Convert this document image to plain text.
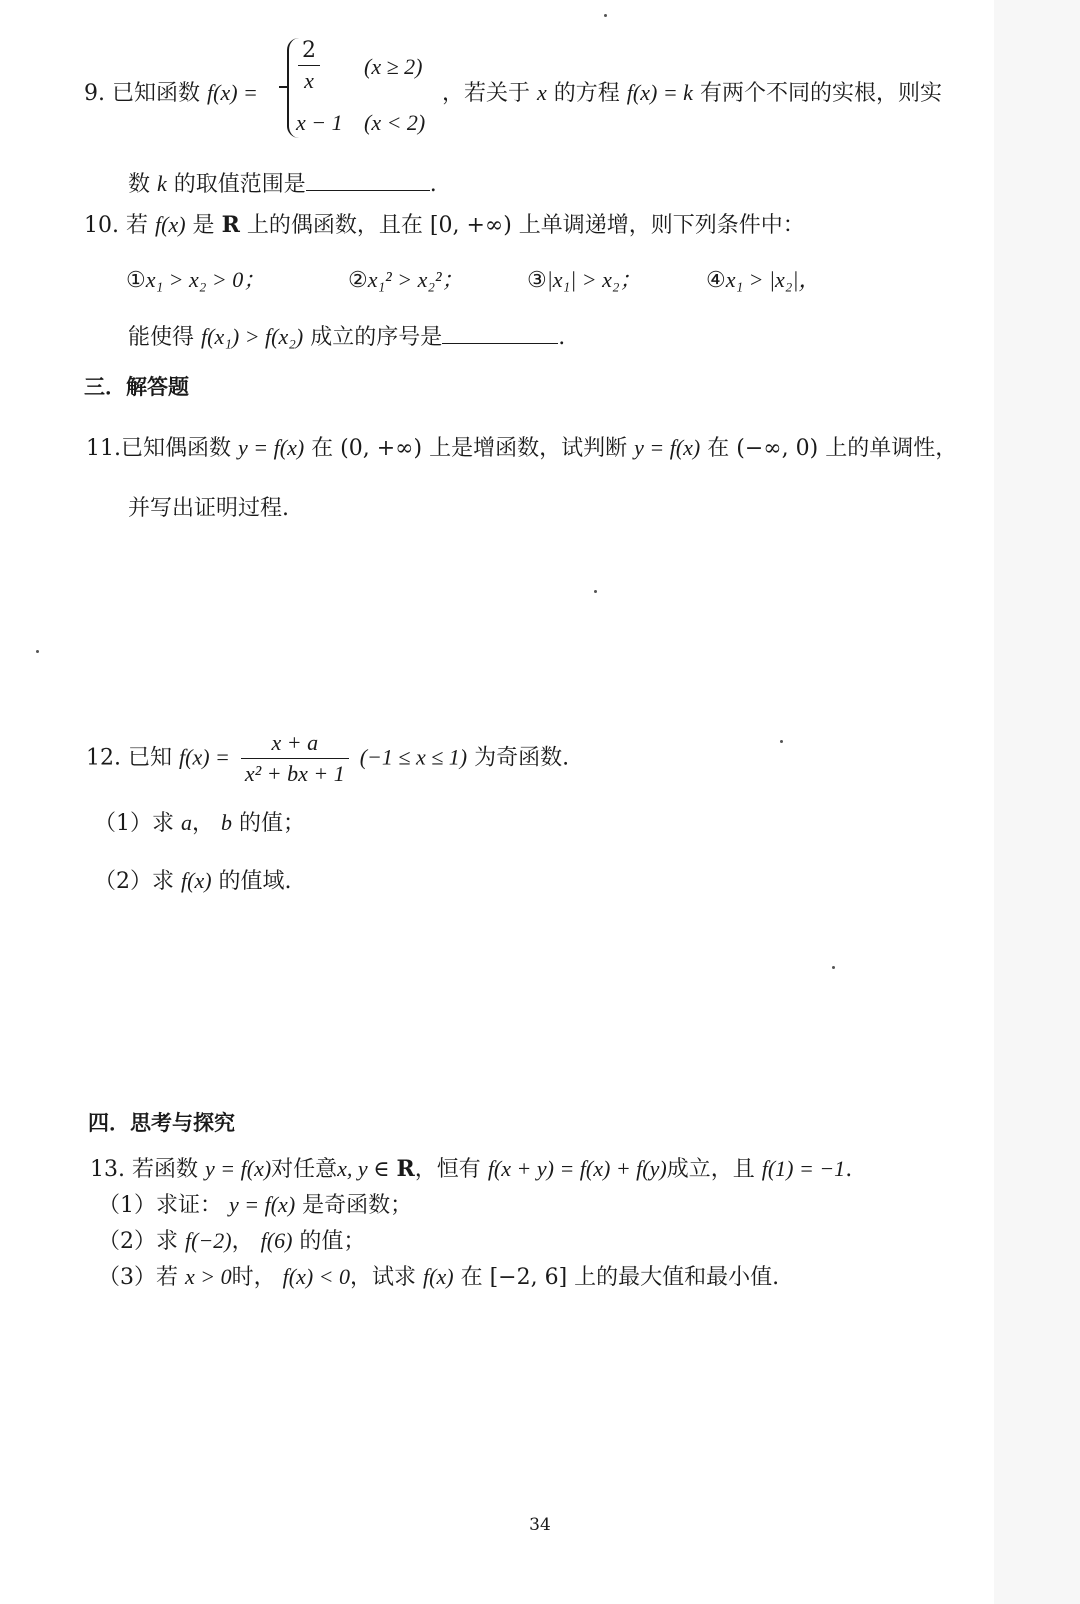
9. 已知函数 $f(x) = \frac{2}{x} (x \ge 2)$
x − 1 (x < 2)
，若关于 x 的方程 f(x) = k 有两个不同的实根，则实
数 k 的取值范围是	.
10. 若 f(x) 是 R 上的偶函数，且在 [0, +∞) 上单调递增，则下列条件中：
①x₁ > x₂ > 0；	②x₁² > x₂²；	③|x₁| > x₂；	④x₁ > |x₂|，
能使得 f(x₁) > f(x₂) 成立的序号是	.
三．解答题
11.已知偶函数 y = f(x) 在 (0, +∞) 上是增函数，试判断 y = f(x) 在 (−∞, 0) 上的单调性，
并写出证明过程.
12. 已知 $f(x) = \frac{x + a}{\text{x² + bx + 1}} (-1 \le x \le 1)$ 为奇函数.
（1）求 a， b 的值；
（2）求 f(x) 的值域.
四．思考与探究
13. 若函数 y = f(x)对任意x, y ∈ R，恒有 f(x + y) = f(x) + f(y)成立，且 f(1) = −1.
（1）求证： y = f(x) 是奇函数；
（2）求 f(−2)， f(6) 的值；
（3）若 x > 0时， f(x) < 0，试求 f(x) 在 [−2, 6] 上的最大值和最小值.
34
